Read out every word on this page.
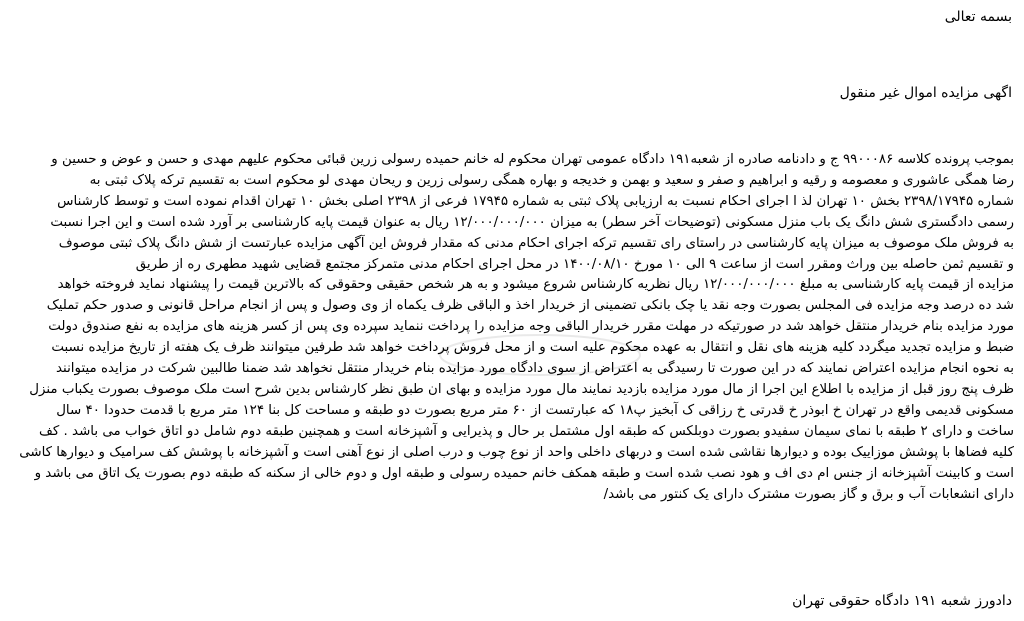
بسمه تعالی
اگهی مزایده اموال غیر منقول
بموجب پرونده کلاسه ۹۹۰۰۰۸۶ ج و دادنامه صادره از شعبه۱۹۱ دادگاه عمومی تهران محکوم له خانم حمیده رسولی زرین قبائی محکوم علیهم مهدی و حسن و عوض و حسین و
رضا همگی عاشوری و معصومه و رقیه و ابراهیم و صفر و سعید و بهمن و خدیجه و بهاره همگی رسولی زرین و ریحان مهدی لو محکوم است به تقسیم ترکه پلاک ثبتی به
شماره ۲۳۹۸/۱۷۹۴۵ بخش ۱۰ تهران لذ ا اجرای احکام نسبت به ارزیابی پلاک ثبتی به شماره ۱۷۹۴۵ فرعی از ۲۳۹۸ اصلی بخش ۱۰ تهران اقدام نموده است و توسط کارشناس
رسمی دادگستری شش دانگ یک باب منزل مسکونی (توضیحات آخر سطر) به میزان ۱۲/۰۰۰/۰۰۰/۰۰۰ ریال به عنوان قیمت پایه کارشناسی بر آورد شده است و این اجرا نسبت
به فروش ملک موصوف به میزان پایه کارشناسی در راستای رای تقسیم ترکه اجرای احکام مدنی که مقدار فروش این آگهی مزایده عبارتست از شش دانگ پلاک ثبتی موصوف
و تقسیم ثمن حاصله بین وراث ومقرر است از ساعت ۹ الی ۱۰ مورخ ۱۴۰۰/۰۸/۱۰ در محل اجرای احکام مدنی متمرکز مجتمع قضایی شهید مطهری ره از طریق
مزایده از قیمت پایه کارشناسی به مبلغ ۱۲/۰۰۰/۰۰۰/۰۰۰ ریال نظریه کارشناس شروع میشود و به هر شخص حقیقی وحقوقی که بالاترین قیمت را پیشنهاد نماید فروخته خواهد
شد ده درصد وجه مزایده فی المجلس بصورت وجه نقد یا چک بانکی تضمینی از خریدار اخذ و الباقی ظرف یکماه از وی وصول و پس از انجام مراحل قانونی و صدور حکم تملیک
مورد مزایده بنام خریدار منتقل خواهد شد در صورتیکه در مهلت مقرر خریدار الباقی وجه مزایده را پرداخت ننماید سپرده وی پس از کسر هزینه های مزایده به نفع صندوق دولت
ضبط و مزایده تجدید میگردد کلیه هزینه های نقل و انتقال به عهده محکوم علیه است و از محل فروش پرداخت خواهد شد طرفین میتوانند ظرف یک هفته از تاریخ مزایده نسبت
به نحوه انجام مزایده اعتراض نمایند که در این صورت تا رسیدگی به اعتراض از سوی دادگاه مورد مزایده بنام خریدار منتقل نخواهد شد ضمنا طالبین شرکت در مزایده میتوانند
ظرف پنج روز قبل از مزایده با اطلاع این اجرا از مال مورد مزایده بازدید نمایند مال مورد مزایده و بهای ان طبق نظر کارشناس بدین شرح است ملک موصوف بصورت یکباب منزل
مسکونی قدیمی واقع در تهران خ ابوذر خ قدرتی خ رزاقی ک آبخیز پ۱۸ که عبارتست از ۶۰ متر مربع بصورت دو طبقه و مساحت کل بنا ۱۲۴ متر مربع با قدمت حدودا ۴۰ سال
ساخت و دارای ۲ طبقه با نمای سیمان سفیدو بصورت دوبلکس که طبقه اول مشتمل بر حال و پذیرایی و آشپزخانه است و همچنین طبقه دوم شامل دو اتاق خواب می باشد . کف
کلیه فضاها با پوشش موزاییک بوده و دیوارها نقاشی شده است و دربهای داخلی واحد از نوع چوب و درب اصلی از نوع آهنی است و آشپزخانه با پوشش کف سرامیک و دیوارها کاشی
است و کابینت آشپزخانه از جنس ام دی اف و هود نصب شده است و طبقه همکف خانم حمیده رسولی و طبقه اول و دوم خالی از سکنه که طبقه دوم بصورت یک اتاق می باشد و
دارای انشعابات آب و برق و گاز بصورت مشترک دارای یک کنتور می باشد/
دادورز شعبه ۱۹۱ دادگاه حقوقی تهران
